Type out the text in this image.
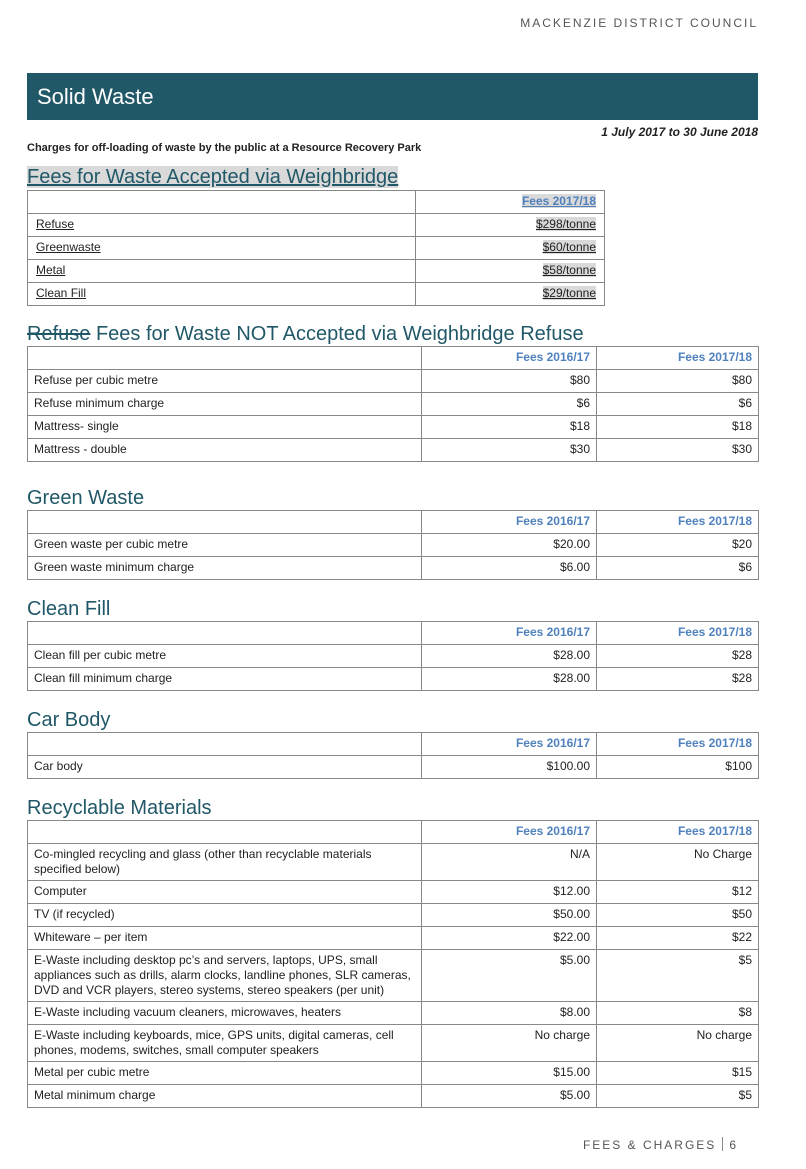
MACKENZIE DISTRICT COUNCIL
Solid Waste
1 July 2017 to 30 June 2018
Charges for off-loading of waste by the public at a Resource Recovery Park
Fees for Waste Accepted via Weighbridge
	Fees 2017/18
Refuse	$298/tonne
Greenwaste	$60/tonne
Metal	$58/tonne
Clean Fill	$29/tonne
Refuse Fees for Waste NOT Accepted via Weighbridge Refuse
	Fees 2016/17	Fees 2017/18
Refuse per cubic metre	$80	$80
Refuse minimum charge	$6	$6
Mattress- single	$18	$18
Mattress - double	$30	$30
Green Waste
	Fees 2016/17	Fees 2017/18
Green waste per cubic metre	$20.00	$20
Green waste minimum charge	$6.00	$6
Clean Fill
	Fees 2016/17	Fees 2017/18
Clean fill per cubic metre	$28.00	$28
Clean fill minimum charge	$28.00	$28
Car Body
	Fees 2016/17	Fees 2017/18
Car body	$100.00	$100
Recyclable Materials
	Fees 2016/17	Fees 2017/18
Co-mingled recycling and glass (other than recyclable materials specified below)	N/A	No Charge
Computer	$12.00	$12
TV (if recycled)	$50.00	$50
Whiteware – per item	$22.00	$22
E-Waste including desktop pc’s and servers, laptops, UPS, small appliances such as drills, alarm clocks, landline phones, SLR cameras, DVD and VCR players, stereo systems, stereo speakers (per unit)	$5.00	$5
E-Waste including vacuum cleaners, microwaves, heaters	$8.00	$8
E-Waste including keyboards, mice, GPS units, digital cameras, cell phones, modems, switches, small computer speakers	No charge	No charge
Metal per cubic metre	$15.00	$15
Metal minimum charge	$5.00	$5
FEES & CHARGES 6
